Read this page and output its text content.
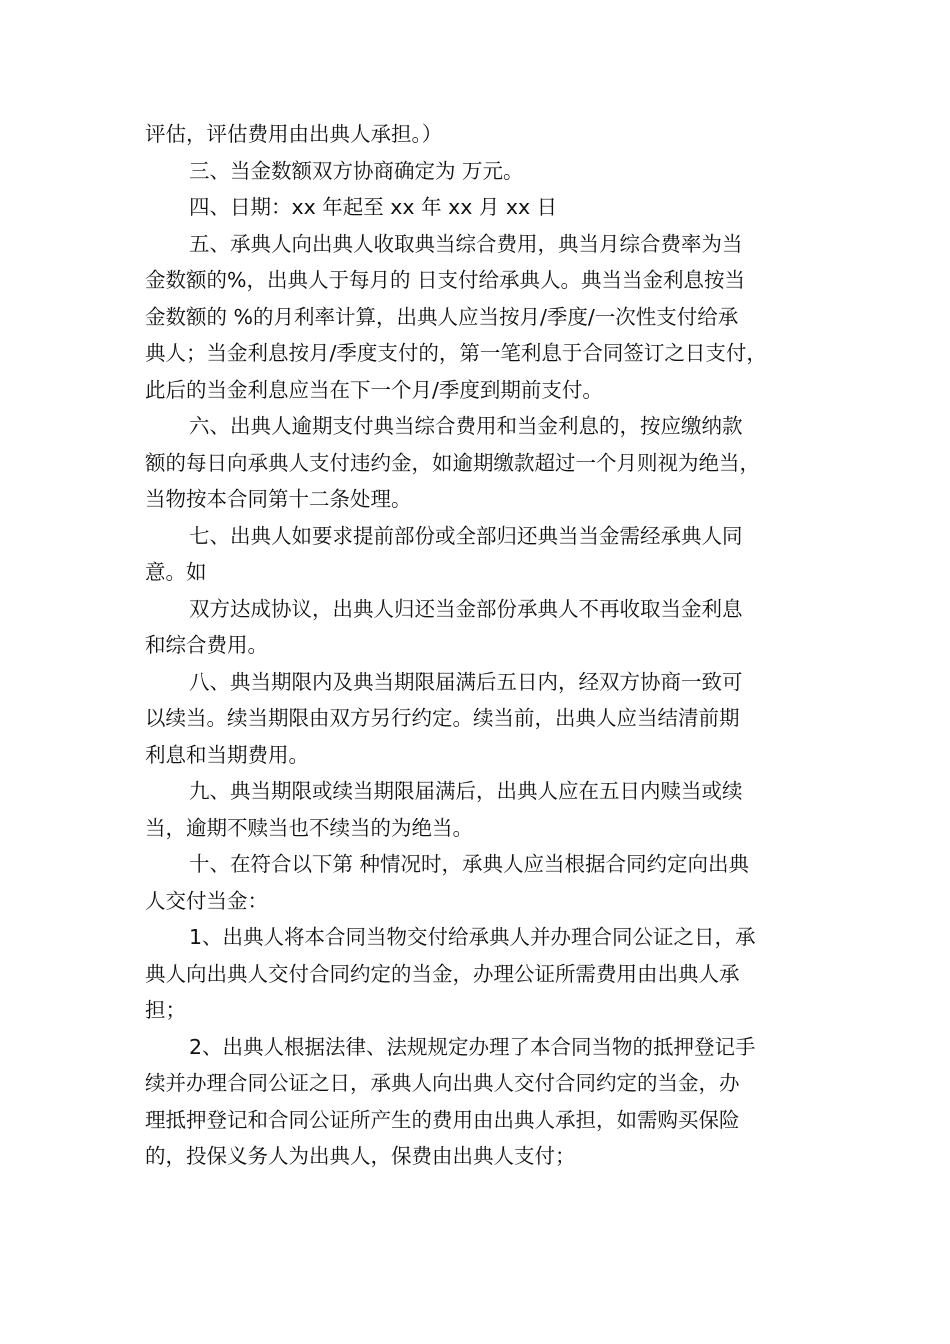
评估，评估费用由出典人承担。）

三、当金数额双方协商确定为 万元。

四、日期：xx 年起至 xx 年 xx 月 xx 日

五、承典人向出典人收取典当综合费用，典当月综合费率为当

金数额的%，出典人于每月的 日支付给承典人。典当当金利息按当

金数额的 %的月利率计算，出典人应当按月/季度/一次性支付给承

典人；当金利息按月/季度支付的，第一笔利息于合同签订之日支付，

此后的当金利息应当在下一个月/季度到期前支付。

六、出典人逾期支付典当综合费用和当金利息的，按应缴纳款

额的每日向承典人支付违约金，如逾期缴款超过一个月则视为绝当，

当物按本合同第十二条处理。

七、出典人如要求提前部份或全部归还典当当金需经承典人同

意。如

双方达成协议，出典人归还当金部份承典人不再收取当金利息

和综合费用。

八、典当期限内及典当期限届满后五日内，经双方协商一致可

以续当。续当期限由双方另行约定。续当前，出典人应当结清前期

利息和当期费用。

九、典当期限或续当期限届满后，出典人应在五日内赎当或续

当，逾期不赎当也不续当的为绝当。

十、在符合以下第 种情况时，承典人应当根据合同约定向出典

人交付当金：

1、出典人将本合同当物交付给承典人并办理合同公证之日，承

典人向出典人交付合同约定的当金，办理公证所需费用由出典人承

担；

2、出典人根据法律、法规规定办理了本合同当物的抵押登记手

续并办理合同公证之日，承典人向出典人交付合同约定的当金，办

理抵押登记和合同公证所产生的费用由出典人承担，如需购买保险

的，投保义务人为出典人，保费由出典人支付；
